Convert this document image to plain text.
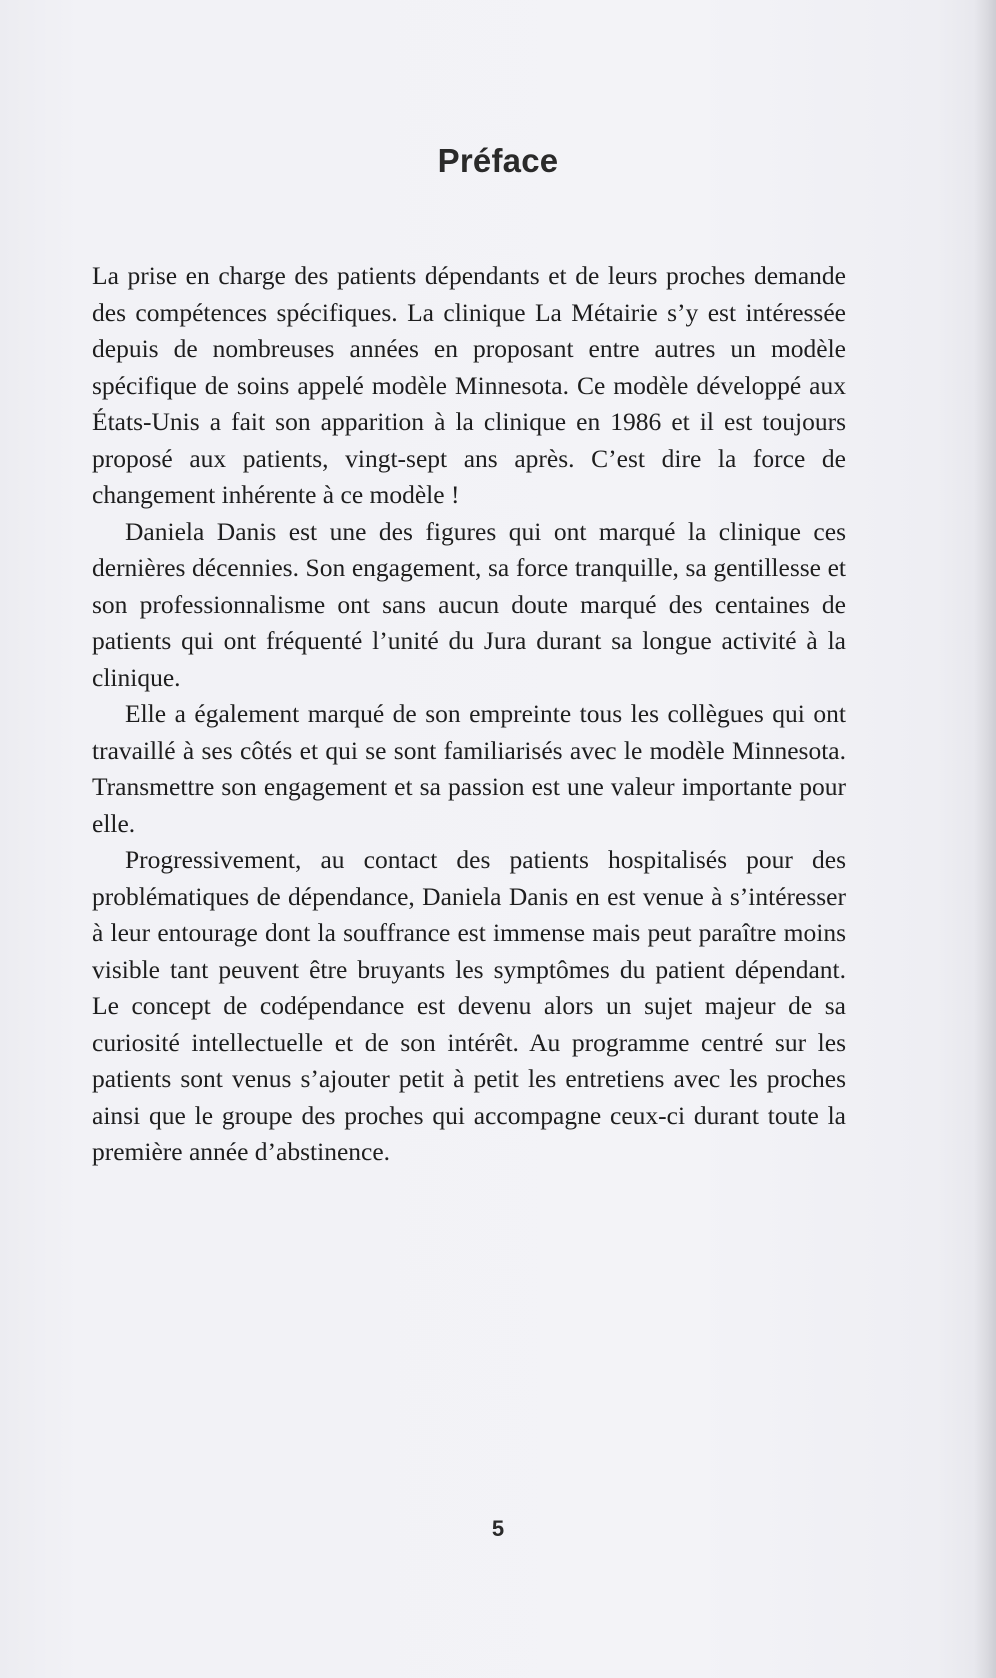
Préface

La prise en charge des patients dépendants et de leurs proches demande des compétences spécifiques. La clinique La Métairie s’y est intéressée depuis de nombreuses années en proposant entre autres un modèle spécifique de soins appelé modèle Minnesota. Ce modèle développé aux États-Unis a fait son apparition à la clinique en 1986 et il est toujours proposé aux patients, vingt-sept ans après. C’est dire la force de changement inhérente à ce modèle !

Daniela Danis est une des figures qui ont marqué la clinique ces dernières décennies. Son engagement, sa force tranquille, sa gentillesse et son professionnalisme ont sans aucun doute marqué des centaines de patients qui ont fréquenté l’unité du Jura durant sa longue activité à la clinique.

Elle a également marqué de son empreinte tous les collègues qui ont travaillé à ses côtés et qui se sont familiarisés avec le modèle Minnesota. Transmettre son engagement et sa passion est une valeur importante pour elle.

Progressivement, au contact des patients hospitalisés pour des problématiques de dépendance, Daniela Danis en est venue à s’intéresser à leur entourage dont la souffrance est immense mais peut paraître moins visible tant peuvent être bruyants les symptômes du patient dépendant. Le concept de codépendance est devenu alors un sujet majeur de sa curiosité intellectuelle et de son intérêt. Au programme centré sur les patients sont venus s’ajouter petit à petit les entretiens avec les proches ainsi que le groupe des proches qui accompagne ceux-ci durant toute la première année d’abstinence.

5
